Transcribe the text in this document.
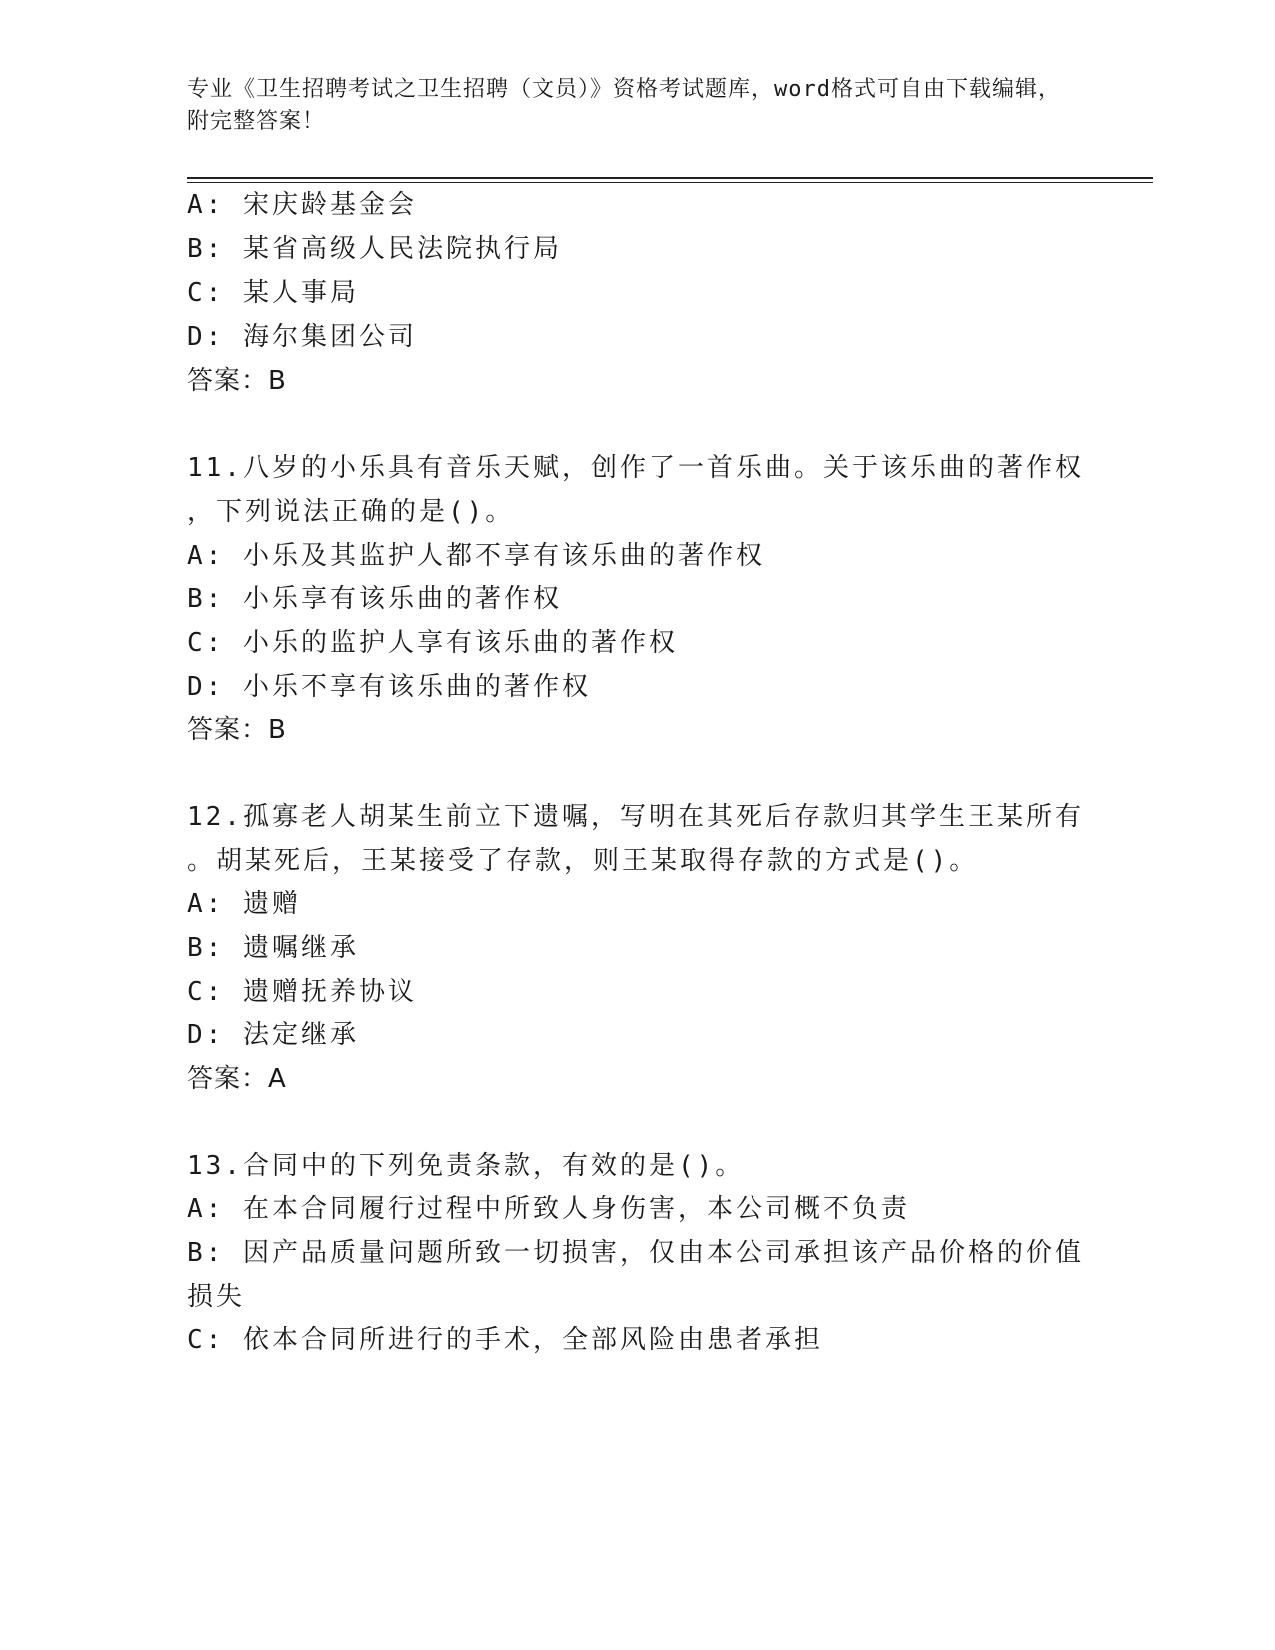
专业《卫生招聘考试之卫生招聘（文员）》资格考试题库，word格式可自由下载编辑，附完整答案！

A: 宋庆龄基金会

B: 某省高级人民法院执行局

C: 某人事局

D: 海尔集团公司

答案：B

11.八岁的小乐具有音乐天赋，创作了一首乐曲。关于该乐曲的著作权

，下列说法正确的是()。

A: 小乐及其监护人都不享有该乐曲的著作权

B: 小乐享有该乐曲的著作权

C: 小乐的监护人享有该乐曲的著作权

D: 小乐不享有该乐曲的著作权

答案：B

12.孤寡老人胡某生前立下遗嘱，写明在其死后存款归其学生王某所有

。胡某死后，王某接受了存款，则王某取得存款的方式是()。

A: 遗赠

B: 遗嘱继承

C: 遗赠抚养协议

D: 法定继承

答案：A

13.合同中的下列免责条款，有效的是()。

A: 在本合同履行过程中所致人身伤害，本公司概不负责

B: 因产品质量问题所致一切损害，仅由本公司承担该产品价格的价值

损失

C: 依本合同所进行的手术，全部风险由患者承担
